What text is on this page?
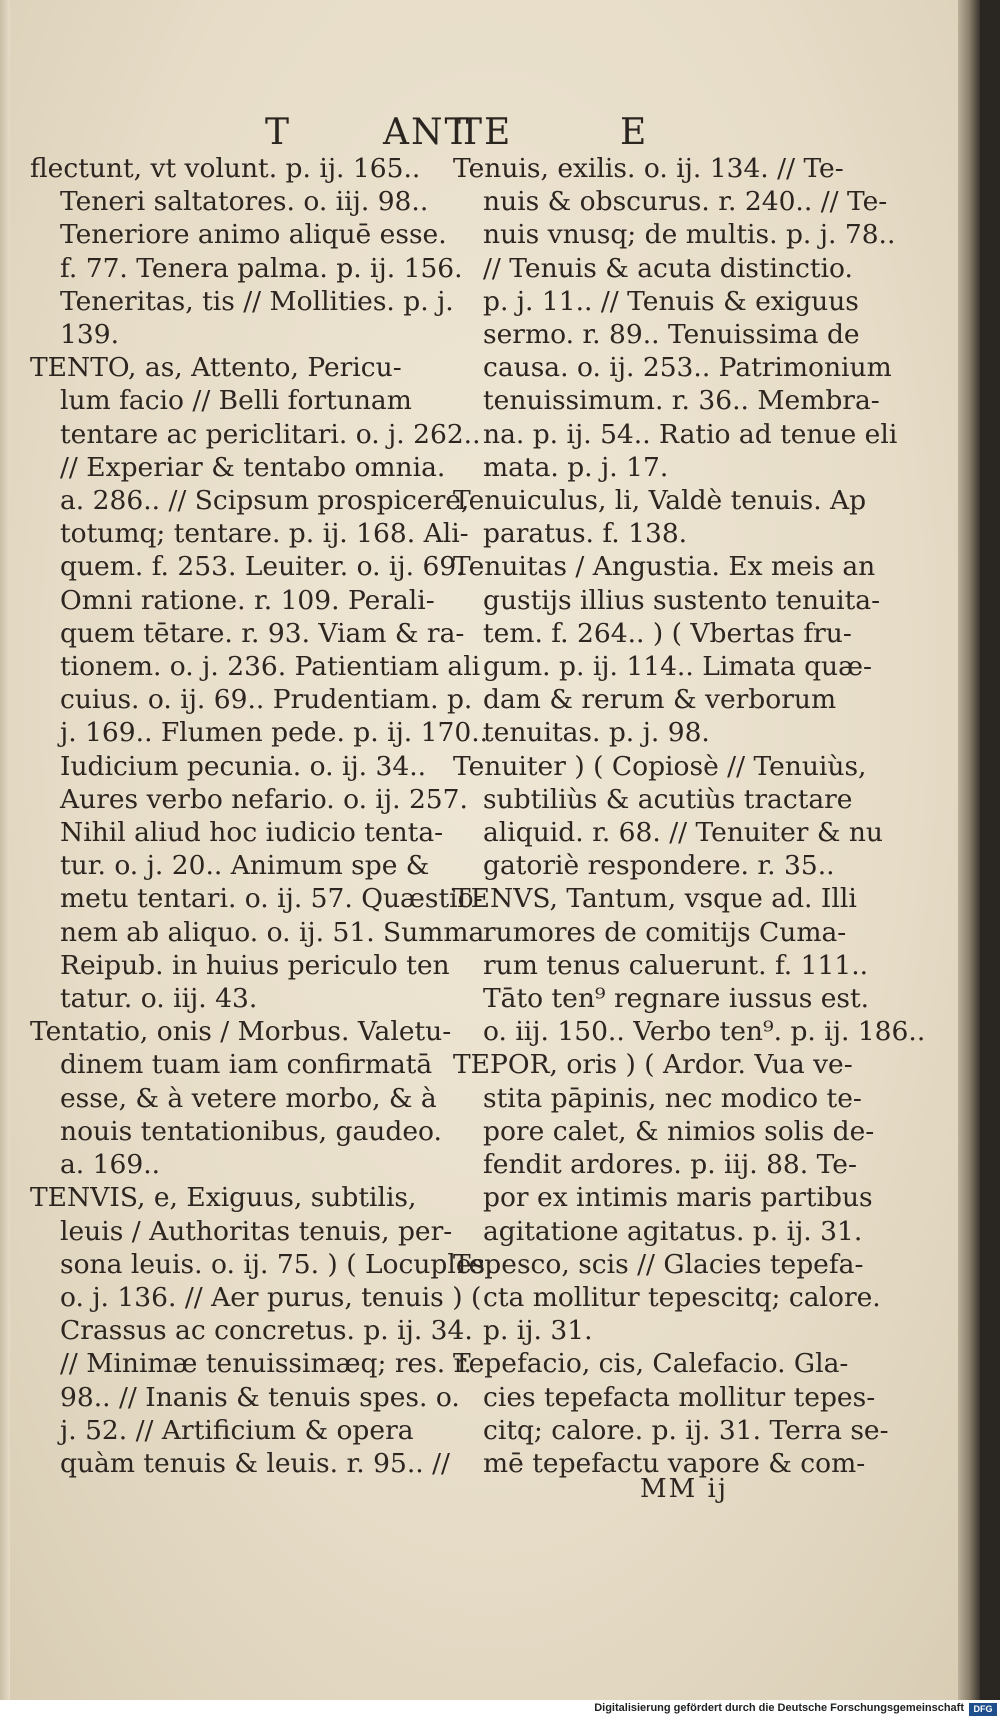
T	ANT
TE	E
flectunt, vt volunt. p. ij. 165..
Teneri saltatores. o. iij. 98..
Teneriore animo aliquē esse.
f. 77. Tenera palma. p. ij. 156.
Teneritas, tis // Mollities. p. j.
139.
TENTO, as, Attento, Pericu-
lum facio // Belli fortunam
tentare ac periclitari. o. j. 262..
// Experiar & tentabo omnia.
a. 286.. // Scipsum prospicere,
totumq; tentare. p. ij. 168. Ali-
quem. f. 253. Leuiter. o. ij. 69.
Omni ratione. r. 109. Perali-
quem tētare. r. 93. Viam & ra-
tionem. o. j. 236. Patientiam ali
cuius. o. ij. 69.. Prudentiam. p.
j. 169.. Flumen pede. p. ij. 170..
Iudicium pecunia. o. ij. 34..
Aures verbo nefario. o. ij. 257.
Nihil aliud hoc iudicio tenta-
tur. o. j. 20.. Animum spe &
metu tentari. o. ij. 57. Quæstio-
nem ab aliquo. o. ij. 51. Summa
Reipub. in huius periculo ten
tatur. o. iij. 43.
Tentatio, onis / Morbus. Valetu-
dinem tuam iam confirmatā
esse, & à vetere morbo, & à
nouis tentationibus, gaudeo.
a. 169..
TENVIS, e, Exiguus, subtilis,
leuis / Authoritas tenuis, per-
sona leuis. o. ij. 75. ) ( Locuples.
o. j. 136. // Aer purus, tenuis ) (
Crassus ac concretus. p. ij. 34.
// Minimæ tenuissimæq; res. r.
98.. // Inanis & tenuis spes. o.
j. 52. // Artificium & opera
quàm tenuis & leuis. r. 95.. //
Tenuis, exilis. o. ij. 134. // Te-
nuis & obscurus. r. 240.. // Te-
nuis vnusq; de multis. p. j. 78..
// Tenuis & acuta distinctio.
p. j. 11.. // Tenuis & exiguus
sermo. r. 89.. Tenuissima de
causa. o. ij. 253.. Patrimonium
tenuissimum. r. 36.. Membra-
na. p. ij. 54.. Ratio ad tenue eli
mata. p. j. 17.
Tenuiculus, li, Valdè tenuis. Ap
paratus. f. 138.
Tenuitas / Angustia. Ex meis an
gustijs illius sustento tenuita-
tem. f. 264.. ) ( Vbertas fru-
gum. p. ij. 114.. Limata quæ-
dam & rerum & verborum
tenuitas. p. j. 98.
Tenuiter ) ( Copiosè // Tenuiùs,
subtiliùs & acutiùs tractare
aliquid. r. 68. // Tenuiter & nu
gatoriè respondere. r. 35..
TENVS, Tantum, vsque ad. Illi
rumores de comitijs Cuma-
rum tenus caluerunt. f. 111..
Tāto ten⁹ regnare iussus est.
o. iij. 150.. Verbo ten⁹. p. ij. 186..
TEPOR, oris ) ( Ardor. Vua ve-
stita pāpinis, nec modico te-
pore calet, & nimios solis de-
fendit ardores. p. iij. 88. Te-
por ex intimis maris partibus
agitatione agitatus. p. ij. 31.
Tepesco, scis // Glacies tepefa-
cta mollitur tepescitq; calore.
p. ij. 31.
Tepefacio, cis, Calefacio. Gla-
cies tepefacta mollitur tepes-
citq; calore. p. ij. 31. Terra se-
mē tepefactu vapore & com-
MM ij
Digitalisierung gefördert durch die Deutsche Forschungsgemeinschaft	DFG
